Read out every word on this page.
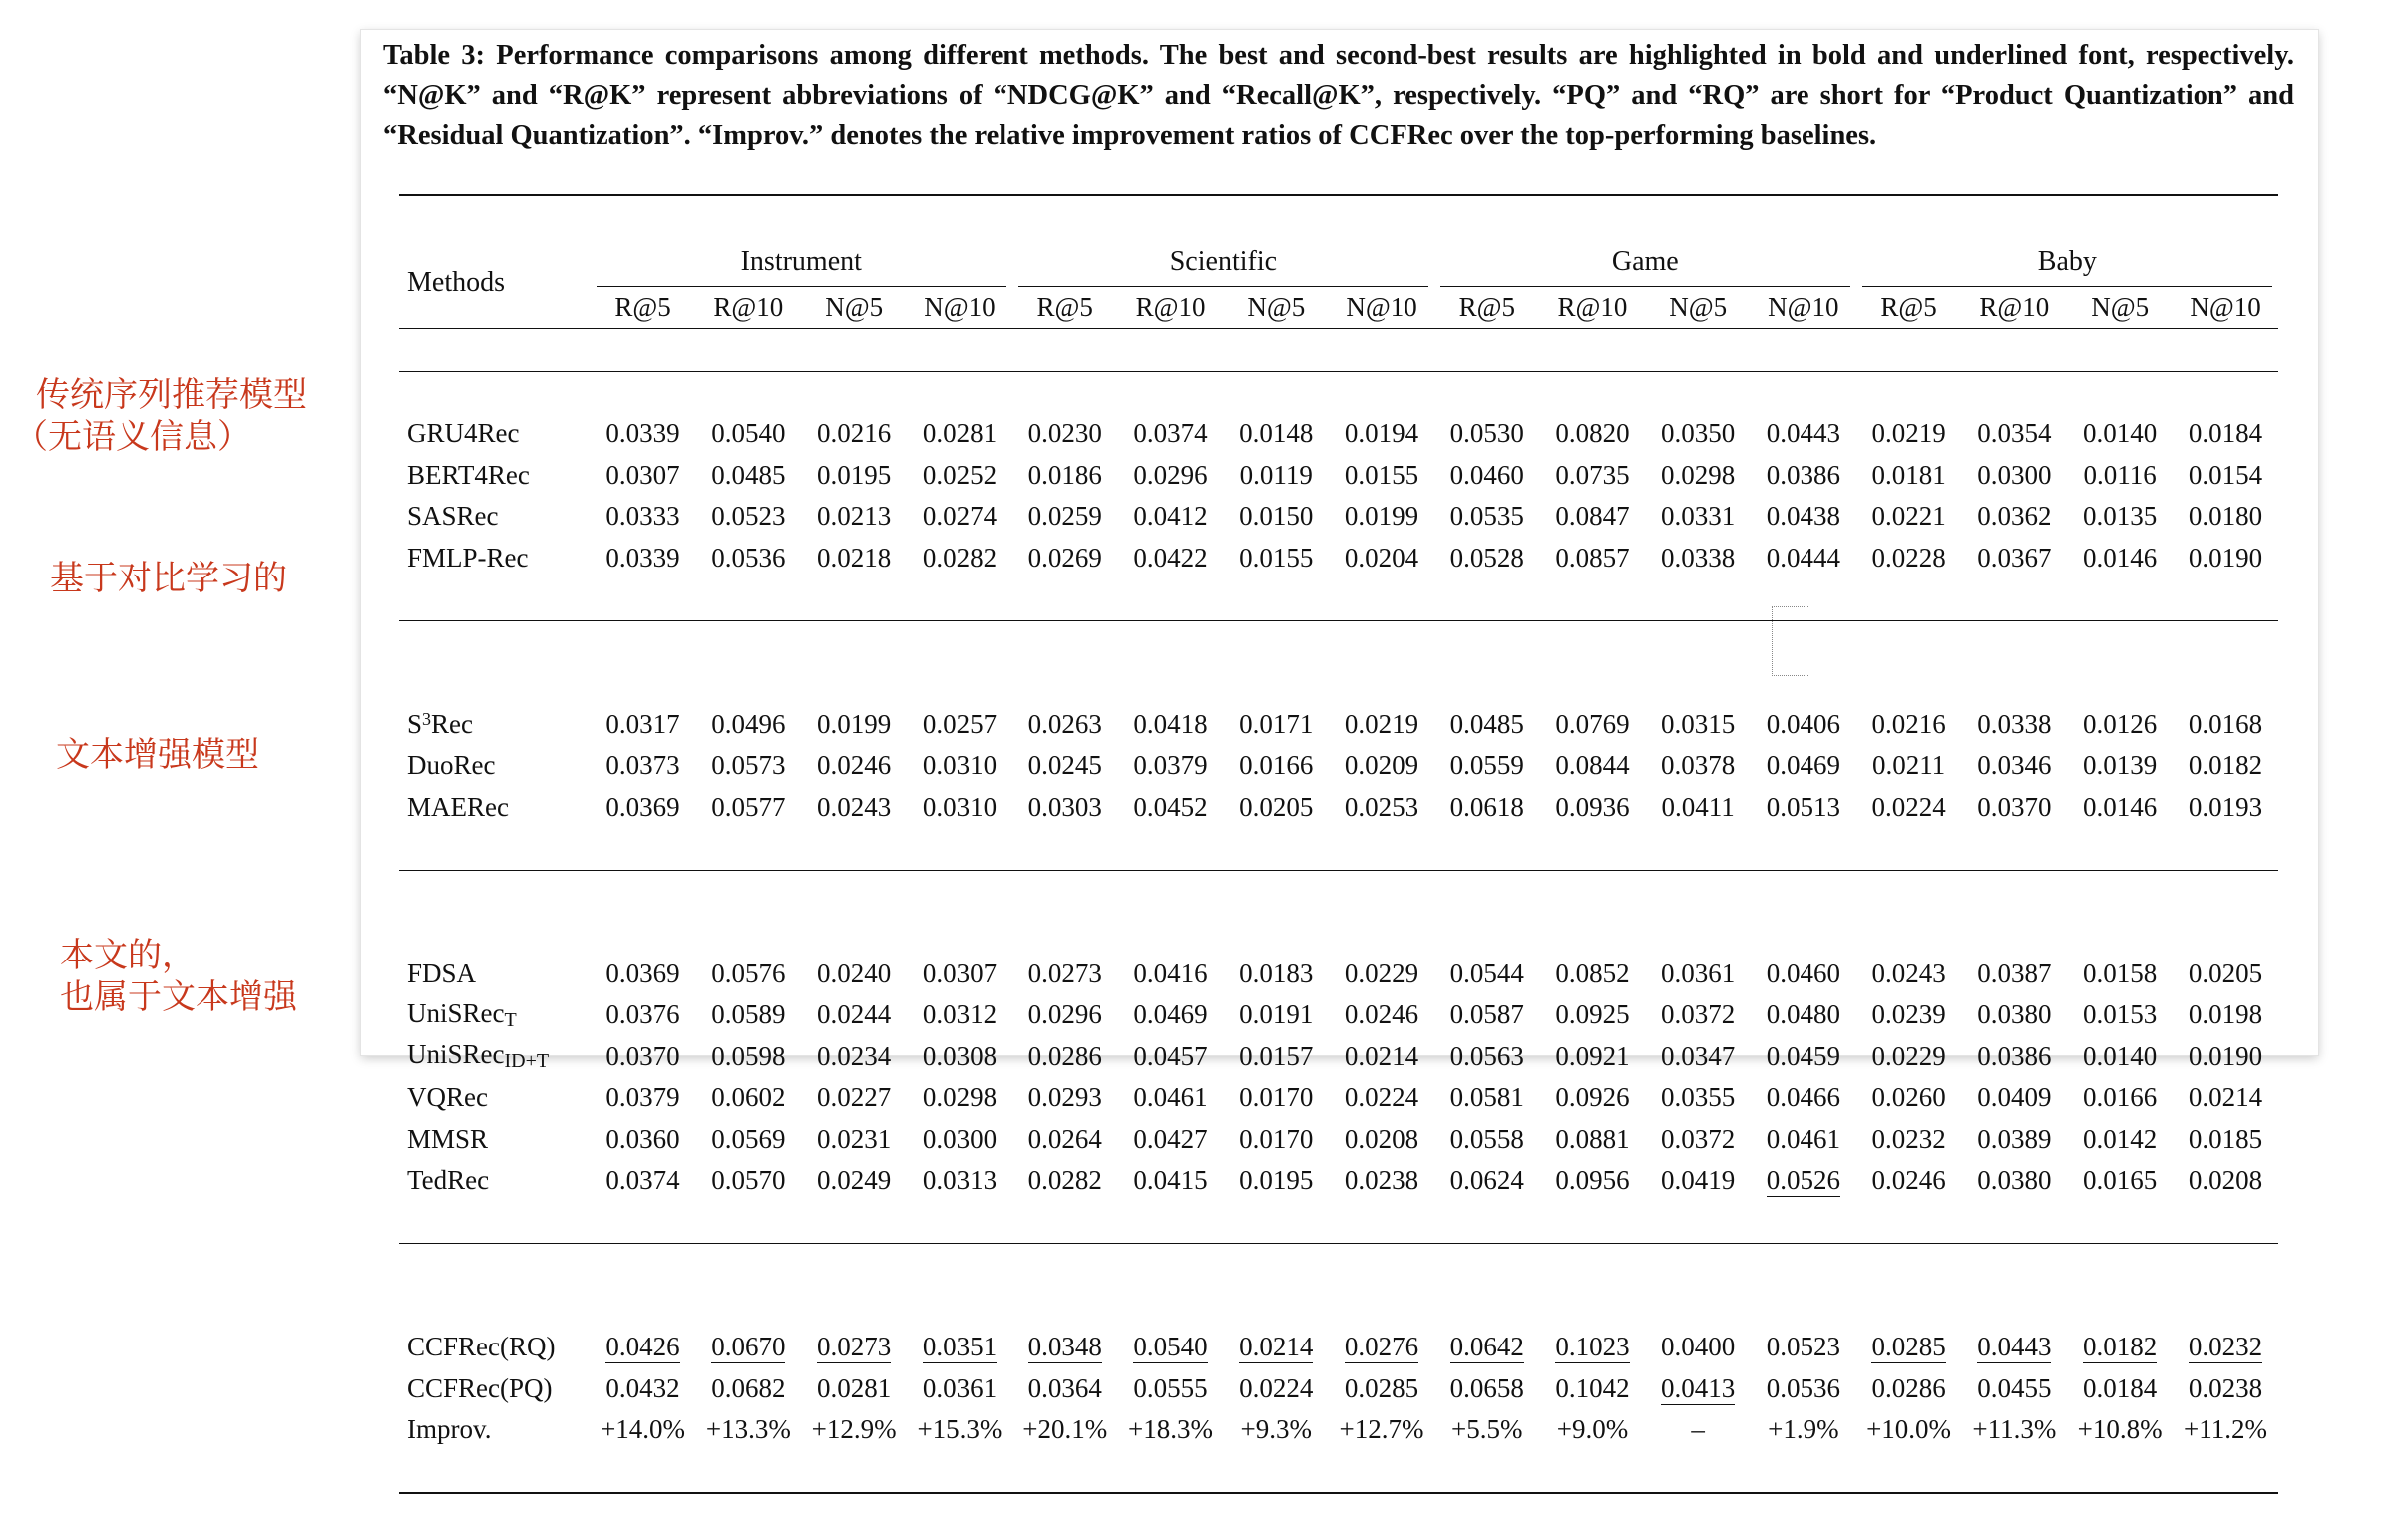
传统序列推荐模型
（无语义信息）
基于对比学习的
文本增强模型
本文的，
也属于文本增强
Table 3: Performance comparisons among different methods. The best and second-best results are highlighted in bold and underlined font, respectively. “N@K” and “R@K” represent abbreviations of “NDCG@K” and “Recall@K”, respectively. “PQ” and “RQ” are short for “Product Quantization” and “Residual Quantization”. “Improv.” denotes the relative improvement ratios of CCFRec over the top-performing baselines.

Methods	Instrument				Scientific				Game				Baby			

	R@5	R@10	N@5	N@10	R@5	R@10	N@5	N@10	R@5	R@10	N@5	N@10	R@5	R@10	N@5	N@10

GRU4Rec	0.0339	0.0540	0.0216	0.0281	0.0230	0.0374	0.0148	0.0194	0.0530	0.0820	0.0350	0.0443	0.0219	0.0354	0.0140	0.0184
BERT4Rec	0.0307	0.0485	0.0195	0.0252	0.0186	0.0296	0.0119	0.0155	0.0460	0.0735	0.0298	0.0386	0.0181	0.0300	0.0116	0.0154
SASRec	0.0333	0.0523	0.0213	0.0274	0.0259	0.0412	0.0150	0.0199	0.0535	0.0847	0.0331	0.0438	0.0221	0.0362	0.0135	0.0180
FMLP-Rec	0.0339	0.0536	0.0218	0.0282	0.0269	0.0422	0.0155	0.0204	0.0528	0.0857	0.0338	0.0444	0.0228	0.0367	0.0146	0.0190

$S^3Rec$	0.0317	0.0496	0.0199	0.0257	0.0263	0.0418	0.0171	0.0219	0.0485	0.0769	0.0315	0.0406	0.0216	0.0338	0.0126	0.0168
DuoRec	0.0373	0.0573	0.0246	0.0310	0.0245	0.0379	0.0166	0.0209	0.0559	0.0844	0.0378	0.0469	0.0211	0.0346	0.0139	0.0182
MAERec	0.0369	0.0577	0.0243	0.0310	0.0303	0.0452	0.0205	0.0253	0.0618	0.0936	0.0411	0.0513	0.0224	0.0370	0.0146	0.0193

FDSA	0.0369	0.0576	0.0240	0.0307	0.0273	0.0416	0.0183	0.0229	0.0544	0.0852	0.0361	0.0460	0.0243	0.0387	0.0158	0.0205
UniSRec$_T$	0.0376	0.0589	0.0244	0.0312	0.0296	0.0469	0.0191	0.0246	0.0587	0.0925	0.0372	0.0480	0.0239	0.0380	0.0153	0.0198
UniSRec$_{ID+T}$	0.0370	0.0598	0.0234	0.0308	0.0286	0.0457	0.0157	0.0214	0.0563	0.0921	0.0347	0.0459	0.0229	0.0386	0.0140	0.0190
VQRec	0.0379	0.0602	0.0227	0.0298	0.0293	0.0461	0.0170	0.0224	0.0581	0.0926	0.0355	0.0466	0.0260	0.0409	0.0166	0.0214
MMSR	0.0360	0.0569	0.0231	0.0300	0.0264	0.0427	0.0170	0.0208	0.0558	0.0881	0.0372	0.0461	0.0232	0.0389	0.0142	0.0185
TedRec	0.0374	0.0570	0.0249	0.0313	0.0282	0.0415	0.0195	0.0238	0.0624	0.0956	0.0419	0.0526	0.0246	0.0380	0.0165	0.0208

CCFRec(RQ)	0.0426	0.0670	0.0273	0.0351	0.0348	0.0540	0.0214	0.0276	0.0642	0.1023	0.0400	0.0523	0.0285	0.0443	0.0182	0.0232
CCFRec(PQ)	0.0432	0.0682	0.0281	0.0361	0.0364	0.0555	0.0224	0.0285	0.0658	0.1042	0.0413	0.0536	0.0286	0.0455	0.0184	0.0238
Improv.	+14.0%	+13.3%	+12.9%	+15.3%	+20.1%	+18.3%	+9.3%	+12.7%	+5.5%	+9.0%	–	+1.9%	+10.0%	+11.3%	+10.8%	+11.2%
